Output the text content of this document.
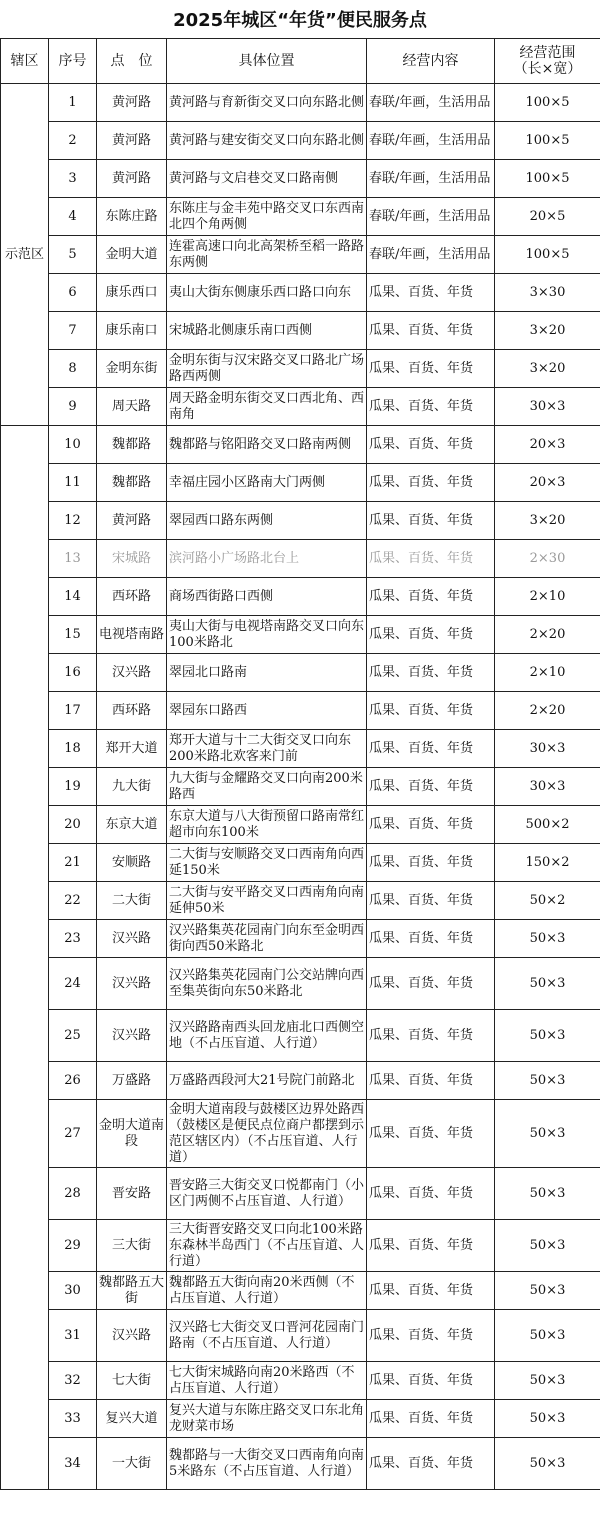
2025年城区“年货”便民服务点
辖区	序号	点　位	具体位置	经营内容	经营范围
（长×宽）

示范区	1	黄河路	黄河路与育新街交叉口向东路北侧	春联/年画，生活用品	100×5
	2	黄河路	黄河路与建安街交叉口向东路北侧	春联/年画，生活用品	100×5
	3	黄河路	黄河路与文启巷交叉口路南侧	春联/年画，生活用品	100×5
	4	东陈庄路	东陈庄与金丰苑中路交叉口东西南北四个角两侧	春联/年画，生活用品	20×5
	5	金明大道	连霍高速口向北高架桥至稻一路路东两侧	春联/年画，生活用品	100×5
	6	康乐西口	夷山大街东侧康乐西口路口向东	瓜果、百货、年货	3×30
	7	康乐南口	宋城路北侧康乐南口西侧	瓜果、百货、年货	3×20
	8	金明东街	金明东街与汉宋路交叉口路北广场路西两侧	瓜果、百货、年货	3×20
	9	周天路	周天路金明东街交叉口西北角、西南角	瓜果、百货、年货	30×3
	10	魏都路	魏都路与铭阳路交叉口路南两侧	瓜果、百货、年货	20×3
	11	魏都路	幸福庄园小区路南大门两侧	瓜果、百货、年货	20×3
	12	黄河路	翠园西口路东两侧	瓜果、百货、年货	3×20
	13	宋城路	滨河路小广场路北台上	瓜果、百货、年货	2×30
	14	西环路	商场西街路口西侧	瓜果、百货、年货	2×10
	15	电视塔南路	夷山大街与电视塔南路交叉口向东100米路北	瓜果、百货、年货	2×20
	16	汉兴路	翠园北口路南	瓜果、百货、年货	2×10
	17	西环路	翠园东口路西	瓜果、百货、年货	2×20
	18	郑开大道	郑开大道与十二大街交叉口向东200米路北欢客来门前	瓜果、百货、年货	30×3
	19	九大街	九大街与金耀路交叉口向南200米路西	瓜果、百货、年货	30×3
	20	东京大道	东京大道与八大街预留口路南常红超市向东100米	瓜果、百货、年货	500×2
	21	安顺路	二大街与安顺路交叉口西南角向西延150米	瓜果、百货、年货	150×2
	22	二大街	二大街与安平路交叉口西南角向南延伸50米	瓜果、百货、年货	50×2
	23	汉兴路	汉兴路集英花园南门向东至金明西街向西50米路北	瓜果、百货、年货	50×3
	24	汉兴路	汉兴路集英花园南门公交站牌向西至集英街向东50米路北	瓜果、百货、年货	50×3
	25	汉兴路	汉兴路路南西头回龙庙北口西侧空地（不占压盲道、人行道）	瓜果、百货、年货	50×3
	26	万盛路	万盛路西段河大21号院门前路北	瓜果、百货、年货	50×3
	27	金明大道南段	金明大道南段与鼓楼区边界处路西（鼓楼区是便民点位商户都摆到示范区辖区内）（不占压盲道、人行道）	瓜果、百货、年货	50×3
	28	晋安路	晋安路三大街交叉口悦都南门（小区门两侧不占压盲道、人行道）	瓜果、百货、年货	50×3
	29	三大街	三大街晋安路交叉口向北100米路东森林半岛西门（不占压盲道、人行道）	瓜果、百货、年货	50×3
	30	魏都路五大街	魏都路五大街向南20米西侧（不占压盲道、人行道）	瓜果、百货、年货	50×3
	31	汉兴路	汉兴路七大街交叉口晋河花园南门路南（不占压盲道、人行道）	瓜果、百货、年货	50×3
	32	七大街	七大街宋城路向南20米路西（不占压盲道、人行道）	瓜果、百货、年货	50×3
	33	复兴大道	复兴大道与东陈庄路交叉口东北角龙财菜市场	瓜果、百货、年货	50×3
	34	一大街	魏都路与一大街交叉口西南角向南5米路东（不占压盲道、人行道）	瓜果、百货、年货	50×3
